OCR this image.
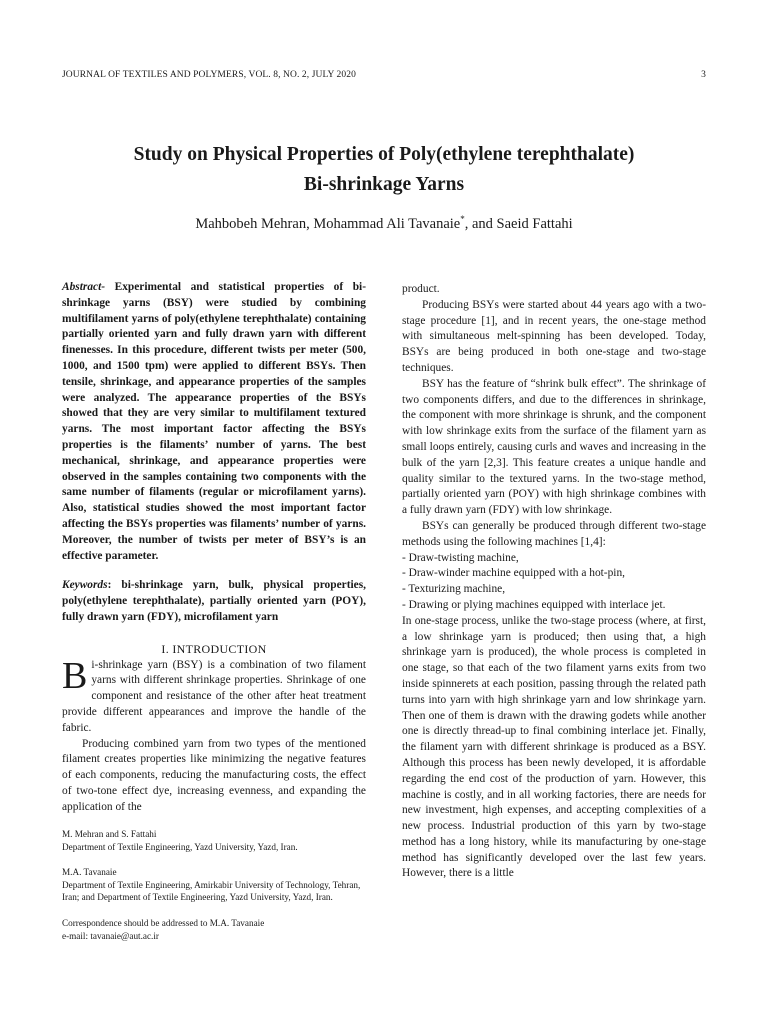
JOURNAL OF TEXTILES AND POLYMERS, VOL. 8, NO. 2, JULY 2020	3
Study on Physical Properties of Poly(ethylene terephthalate)
Bi-shrinkage Yarns
Mahbobeh Mehran, Mohammad Ali Tavanaie*, and Saeid Fattahi

Abstract- Experimental and statistical properties of bi-shrinkage yarns (BSY) were studied by combining multifilament yarns of poly(ethylene terephthalate) containing partially oriented yarn and fully drawn yarn with different finenesses. In this procedure, different twists per meter (500, 1000, and 1500 tpm) were applied to different BSYs. Then tensile, shrinkage, and appearance properties of the samples were analyzed. The appearance properties of the BSYs showed that they are very similar to multifilament textured yarns. The most important factor affecting the BSYs properties is the filaments’ number of yarns. The best mechanical, shrinkage, and appearance properties were observed in the samples containing two components with the same number of filaments (regular or microfilament yarns). Also, statistical studies showed the most important factor affecting the BSYs properties was filaments’ number of yarns. Moreover, the number of twists per meter of BSY’s is an effective parameter.

Keywords: bi-shrinkage yarn, bulk, physical properties, poly(ethylene terephthalate), partially oriented yarn (POY), fully drawn yarn (FDY), microfilament yarn

I. INTRODUCTION

Bi-shrinkage yarn (BSY) is a combination of two filament yarns with different shrinkage properties. Shrinkage of one component and resistance of the other after heat treatment provide different appearances and improve the handle of the fabric.

Producing combined yarn from two types of the mentioned filament creates properties like minimizing the negative features of each components, reducing the manufacturing costs, the effect of two-tone effect dye, increasing evenness, and expanding the application of the

product.

Producing BSYs were started about 44 years ago with a two-stage procedure [1], and in recent years, the one-stage method with simultaneous melt-spinning has been developed. Today, BSYs are being produced in both one-stage and two-stage techniques.

BSY has the feature of “shrink bulk effect”. The shrinkage of two components differs, and due to the differences in shrinkage, the component with more shrinkage is shrunk, and the component with low shrinkage exits from the surface of the filament yarn as small loops entirely, causing curls and waves and increasing in the bulk of the yarn [2,3]. This feature creates a unique handle and quality similar to the textured yarns. In the two-stage method, partially oriented yarn (POY) with high shrinkage combines with a fully drawn yarn (FDY) with low shrinkage.

BSYs can generally be produced through different two-stage methods using the following machines [1,4]:

- Draw-twisting machine,

- Draw-winder machine equipped with a hot-pin,

- Texturizing machine,

- Drawing or plying machines equipped with interlace jet.

In one-stage process, unlike the two-stage process (where, at first, a low shrinkage yarn is produced; then using that, a high shrinkage yarn is produced), the whole process is completed in one stage, so that each of the two filament yarns exits from two inside spinnerets at each position, passing through the related path turns into yarn with high shrinkage yarn and low shrinkage yarn. Then one of them is drawn with the drawing godets while another one is directly thread-up to final combining interlace jet. Finally, the filament yarn with different shrinkage is produced as a BSY. Although this process has been newly developed, it is affordable regarding the end cost of the production of yarn. However, this machine is costly, and in all working factories, there are needs for new investment, high expenses, and accepting complexities of a new process. Industrial production of this yarn by two-stage method has a long history, while its manufacturing by one-stage method has significantly developed over the last few years. However, there is a little

M. Mehran and S. Fattahi
Department of Textile Engineering, Yazd University, Yazd, Iran.

M.A. Tavanaie
Department of Textile Engineering, Amirkabir University of Technology, Tehran, Iran; and Department of Textile Engineering, Yazd University, Yazd, Iran.

Correspondence should be addressed to M.A. Tavanaie
e-mail: tavanaie@aut.ac.ir
